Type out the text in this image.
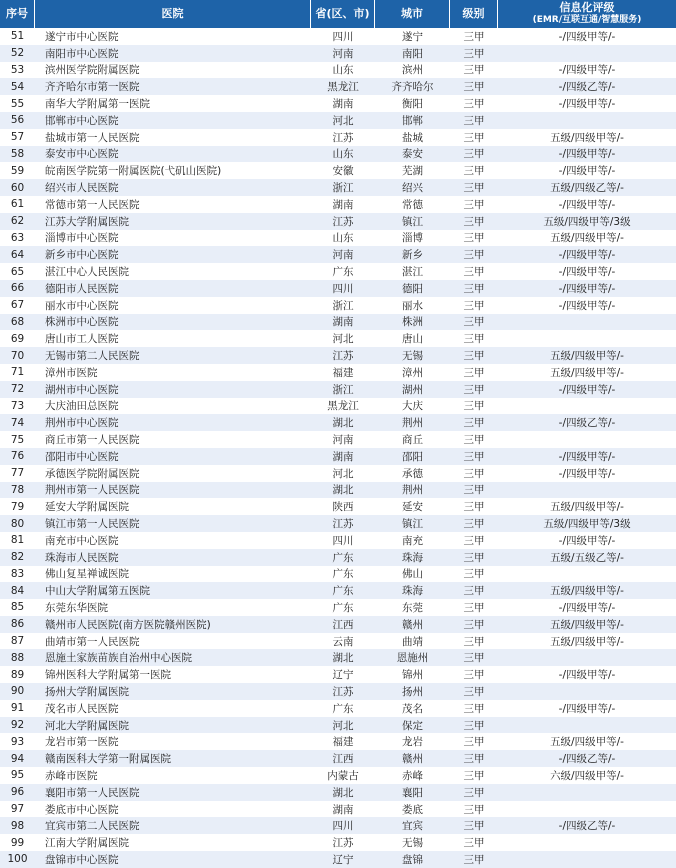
序号	医院	省(区、市)	城市	级别	信息化评级
(EMR/互联互通/智慧服务)
51	遂宁市中心医院	四川	遂宁	三甲	-/四级甲等/-
52	南阳市中心医院	河南	南阳	三甲
53	滨州医学院附属医院	山东	滨州	三甲	-/四级甲等/-
54	齐齐哈尔市第一医院	黑龙江	齐齐哈尔	三甲	-/四级乙等/-
55	南华大学附属第一医院	湖南	衡阳	三甲	-/四级甲等/-
56	邯郸市中心医院	河北	邯郸	三甲
57	盐城市第一人民医院	江苏	盐城	三甲	五级/四级甲等/-
58	泰安市中心医院	山东	泰安	三甲	-/四级甲等/-
59	皖南医学院第一附属医院(弋矶山医院)	安徽	芜湖	三甲	-/四级甲等/-
60	绍兴市人民医院	浙江	绍兴	三甲	五级/四级乙等/-
61	常德市第一人民医院	湖南	常德	三甲	-/四级甲等/-
62	江苏大学附属医院	江苏	镇江	三甲	五级/四级甲等/3级
63	淄博市中心医院	山东	淄博	三甲	五级/四级甲等/-
64	新乡市中心医院	河南	新乡	三甲	-/四级甲等/-
65	湛江中心人民医院	广东	湛江	三甲	-/四级甲等/-
66	德阳市人民医院	四川	德阳	三甲	-/四级甲等/-
67	丽水市中心医院	浙江	丽水	三甲	-/四级甲等/-
68	株洲市中心医院	湖南	株洲	三甲
69	唐山市工人医院	河北	唐山	三甲
70	无锡市第二人民医院	江苏	无锡	三甲	五级/四级甲等/-
71	漳州市医院	福建	漳州	三甲	五级/四级甲等/-
72	湖州市中心医院	浙江	湖州	三甲	-/四级甲等/-
73	大庆油田总医院	黑龙江	大庆	三甲
74	荆州市中心医院	湖北	荆州	三甲	-/四级乙等/-
75	商丘市第一人民医院	河南	商丘	三甲
76	邵阳市中心医院	湖南	邵阳	三甲	-/四级甲等/-
77	承德医学院附属医院	河北	承德	三甲	-/四级甲等/-
78	荆州市第一人民医院	湖北	荆州	三甲
79	延安大学附属医院	陕西	延安	三甲	五级/四级甲等/-
80	镇江市第一人民医院	江苏	镇江	三甲	五级/四级甲等/3级
81	南充市中心医院	四川	南充	三甲	-/四级甲等/-
82	珠海市人民医院	广东	珠海	三甲	五级/五级乙等/-
83	佛山复星禅诚医院	广东	佛山	三甲
84	中山大学附属第五医院	广东	珠海	三甲	五级/四级甲等/-
85	东莞东华医院	广东	东莞	三甲	-/四级甲等/-
86	赣州市人民医院(南方医院赣州医院)	江西	赣州	三甲	五级/四级甲等/-
87	曲靖市第一人民医院	云南	曲靖	三甲	五级/四级甲等/-
88	恩施土家族苗族自治州中心医院	湖北	恩施州	三甲
89	锦州医科大学附属第一医院	辽宁	锦州	三甲	-/四级甲等/-
90	扬州大学附属医院	江苏	扬州	三甲
91	茂名市人民医院	广东	茂名	三甲	-/四级甲等/-
92	河北大学附属医院	河北	保定	三甲
93	龙岩市第一医院	福建	龙岩	三甲	五级/四级甲等/-
94	赣南医科大学第一附属医院	江西	赣州	三甲	-/四级乙等/-
95	赤峰市医院	内蒙古	赤峰	三甲	六级/四级甲等/-
96	襄阳市第一人民医院	湖北	襄阳	三甲
97	娄底市中心医院	湖南	娄底	三甲
98	宜宾市第二人民医院	四川	宜宾	三甲	-/四级乙等/-
99	江南大学附属医院	江苏	无锡	三甲
100	盘锦市中心医院	辽宁	盘锦	三甲
